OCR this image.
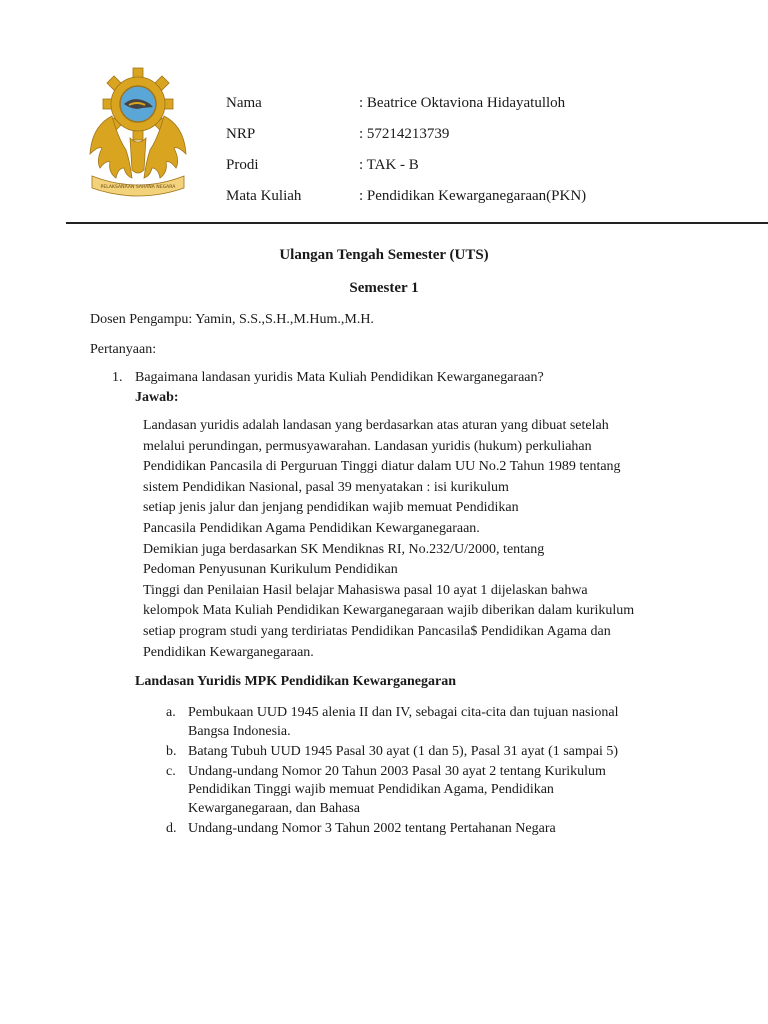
PELAKSANAAN SARANA NEGARA
Nama	: Beatrice Oktaviona Hidayatulloh
NRP	: 57214213739
Prodi	: TAK - B
Mata Kuliah	: Pendidikan Kewarganegaraan(PKN)
Ulangan Tengah Semester (UTS)
Semester 1
Dosen Pengampu: Yamin, S.S.,S.H.,M.Hum.,M.H.
Pertanyaan:
1. Bagaimana landasan yuridis Mata Kuliah Pendidikan Kewarganegaraan?
Jawab:
Landasan yuridis adalah landasan yang berdasarkan atas aturan yang dibuat setelah
melalui perundingan, permusyawarahan. Landasan yuridis (hukum) perkuliahan
Pendidikan Pancasila di Perguruan Tinggi diatur dalam UU No.2 Tahun 1989 tentang
sistem Pendidikan Nasional, pasal 39 menyatakan : isi kurikulum
setiap jenis jalur dan jenjang pendidikan wajib memuat Pendidikan
Pancasila Pendidikan Agama Pendidikan Kewarganegaraan.
Demikian juga berdasarkan SK Mendiknas RI, No.232/U/2000, tentang
Pedoman Penyusunan Kurikulum Pendidikan
Tinggi dan Penilaian Hasil belajar Mahasiswa pasal 10 ayat 1 dijelaskan bahwa
kelompok Mata Kuliah Pendidikan Kewarganegaraan wajib diberikan dalam kurikulum
setiap program studi yang terdiriatas Pendidikan Pancasila$ Pendidikan Agama dan
Pendidikan Kewarganegaraan.
Landasan Yuridis MPK Pendidikan Kewarganegaran
a. Pembukaan UUD 1945 alenia II dan IV, sebagai cita-cita dan tujuan nasional
Bangsa Indonesia.
b. Batang Tubuh UUD 1945 Pasal 30 ayat (1 dan 5), Pasal 31 ayat (1 sampai 5)
c. Undang-undang Nomor 20 Tahun 2003 Pasal 30 ayat 2 tentang Kurikulum
Pendidikan Tinggi wajib memuat Pendidikan Agama, Pendidikan
Kewarganegaraan, dan Bahasa
d. Undang-undang Nomor 3 Tahun 2002 tentang Pertahanan Negara
